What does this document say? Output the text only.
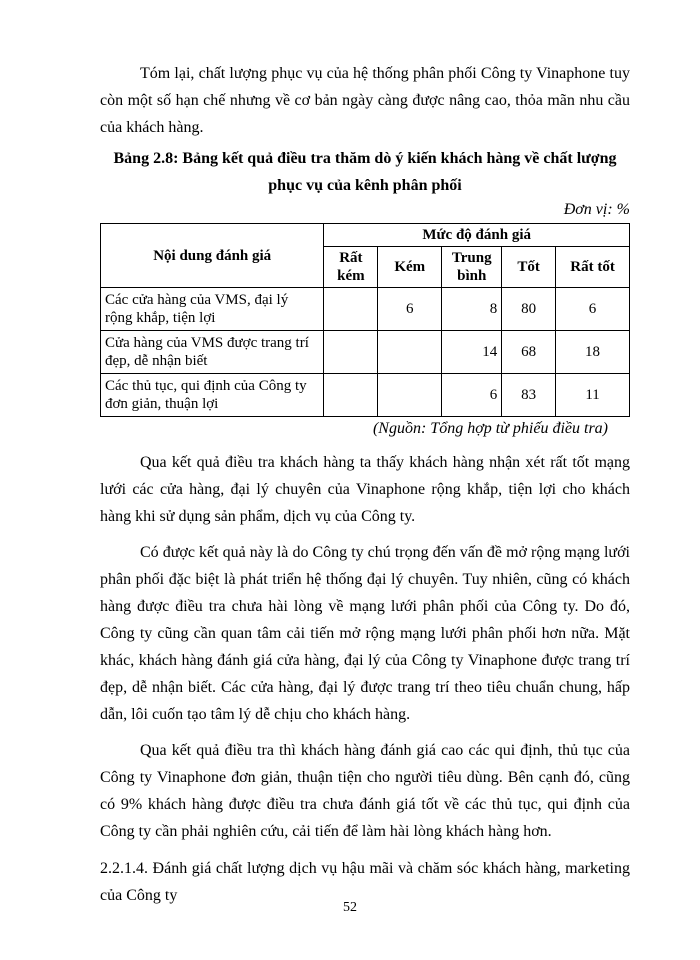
Tóm lại, chất lượng phục vụ của hệ thống phân phối Công ty Vinaphone tuy còn một số hạn chế nhưng về cơ bản ngày càng được nâng cao, thỏa mãn nhu cầu của khách hàng.

Bảng 2.8: Bảng kết quả điều tra thăm dò ý kiến khách hàng về chất lượng
phục vụ của kênh phân phối

Đơn vị: %

Nội dung đánh giá	Mức độ đánh giá				
	Rất kém	Kém	Trung bình	Tốt	Rất tốt
Các cửa hàng của VMS, đại lý rộng khắp, tiện lợi		6	8	80	6
Cửa hàng của VMS được trang trí đẹp, dễ nhận biết			14	68	18
Các thủ tục, qui định của Công ty đơn giản, thuận lợi			6	83	11

(Nguồn: Tổng hợp từ phiếu điều tra)

Qua kết quả điều tra khách hàng ta thấy khách hàng nhận xét rất tốt mạng lưới các cửa hàng, đại lý chuyên của Vinaphone rộng khắp, tiện lợi cho khách hàng khi sử dụng sản phẩm, dịch vụ của Công ty.

Có được kết quả này là do Công ty chú trọng đến vấn đề mở rộng mạng lưới phân phối đặc biệt là phát triển hệ thống đại lý chuyên. Tuy nhiên, cũng có khách hàng được điều tra chưa hài lòng về mạng lưới phân phối của Công ty. Do đó, Công ty cũng cần quan tâm cải tiến mở rộng mạng lưới phân phối hơn nữa. Mặt khác, khách hàng đánh giá cửa hàng, đại lý của Công ty Vinaphone được trang trí đẹp, dễ nhận biết. Các cửa hàng, đại lý được trang trí theo tiêu chuẩn chung, hấp dẫn, lôi cuốn tạo tâm lý dễ chịu cho khách hàng.

Qua kết quả điều tra thì khách hàng đánh giá cao các qui định, thủ tục của Công ty Vinaphone đơn giản, thuận tiện cho người tiêu dùng. Bên cạnh đó, cũng có 9% khách hàng được điều tra chưa đánh giá tốt về các thủ tục, qui định của Công ty cần phải nghiên cứu, cải tiến để làm hài lòng khách hàng hơn.

2.2.1.4. Đánh giá chất lượng dịch vụ hậu mãi và chăm sóc khách hàng, marketing của Công ty

52
